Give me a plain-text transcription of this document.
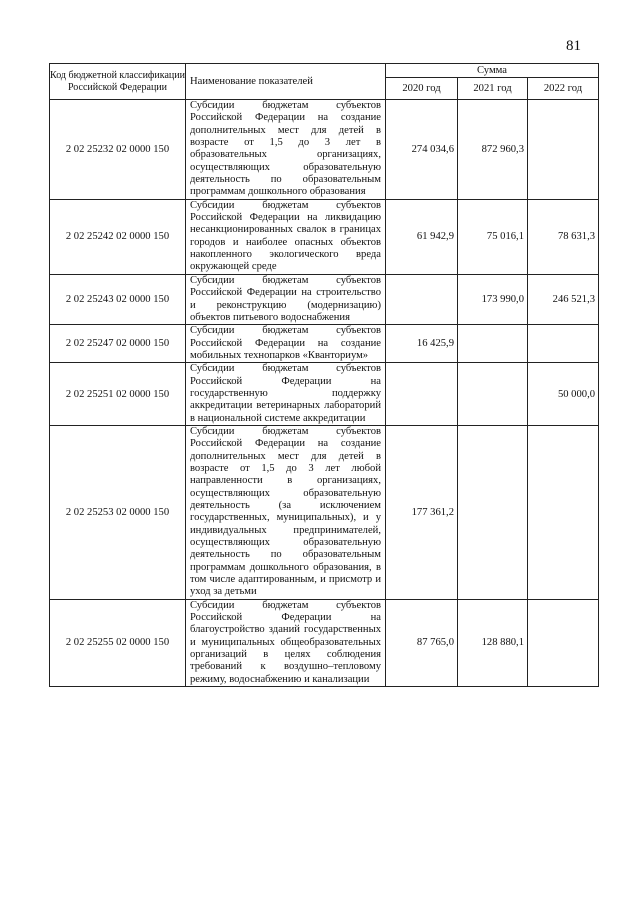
81
Код бюджетной классификации Российской Федерации	Наименование показателей	Сумма		
		2020 год	2021 год	2022 год
2 02 25232 02 0000 150	Субсидии бюджетам субъектов Российской Федерации на создание дополнительных мест для детей в возрасте от 1,5 до 3 лет в образовательных организациях, осуществляющих образовательную деятельность по образовательным программам дошкольного образования	274 034,6	872 960,3	
2 02 25242 02 0000 150	Субсидии бюджетам субъектов Российской Федерации на ликвидацию несанкционированных свалок в границах городов и наиболее опасных объектов накопленного экологического вреда окружающей среде	61 942,9	75 016,1	78 631,3
2 02 25243 02 0000 150	Субсидии бюджетам субъектов Российской Федерации на строительство и реконструкцию (модернизацию) объектов питьевого водоснабжения		173 990,0	246 521,3
2 02 25247 02 0000 150	Субсидии бюджетам субъектов Российской Федерации на создание мобильных технопарков «Кванториум»	16 425,9		
2 02 25251 02 0000 150	Субсидии бюджетам субъектов Российской Федерации на государственную поддержку аккредитации ветеринарных лабораторий в национальной системе аккредитации			50 000,0
2 02 25253 02 0000 150	Субсидии бюджетам субъектов Российской Федерации на создание дополнительных мест для детей в возрасте от 1,5 до 3 лет любой направленности в организациях, осуществляющих образовательную деятельность (за исключением государственных, муниципальных), и у индивидуальных предпринимателей, осуществляющих образовательную деятельность по образовательным программам дошкольного образования, в том числе адаптированным, и присмотр и уход за детьми	177 361,2		
2 02 25255 02 0000 150	Субсидии бюджетам субъектов Российской Федерации на благоустройство зданий государственных и муниципальных общеобразовательных организаций в целях соблюдения требований к воздушно–тепловому режиму, водоснабжению и канализации	87 765,0	128 880,1	
